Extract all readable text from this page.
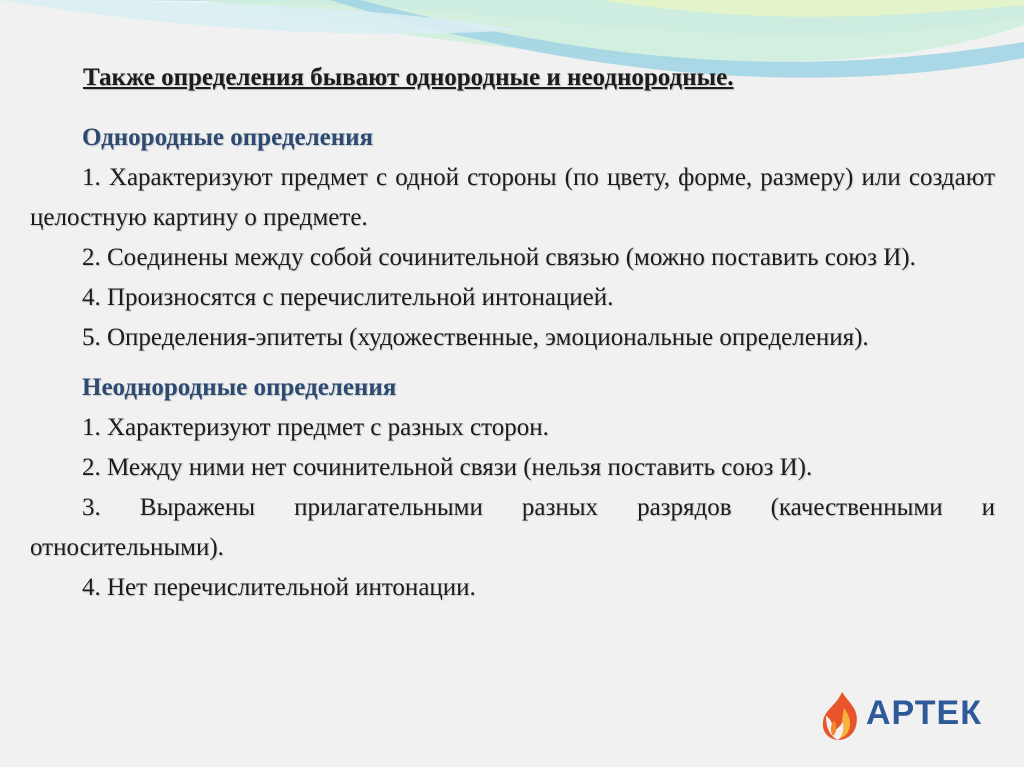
Также определения бывают однородные и неоднородные.
Однородные определения
1. Характеризуют предмет с одной стороны (по цвету, форме, размеру) или создают целостную картину о предмете.
2. Соединены между собой сочинительной связью (можно поставить союз И).
4. Произносятся с перечислительной интонацией.
5. Определения-эпитеты (художественные, эмоциональные определения).
Неоднородные определения
1. Характеризуют предмет с разных сторон.
2. Между ними нет сочинительной связи (нельзя поставить союз И).
3. Выражены прилагательными разных разрядов (качественными и относительными).
4. Нет перечислительной интонации.
АРТЕК
